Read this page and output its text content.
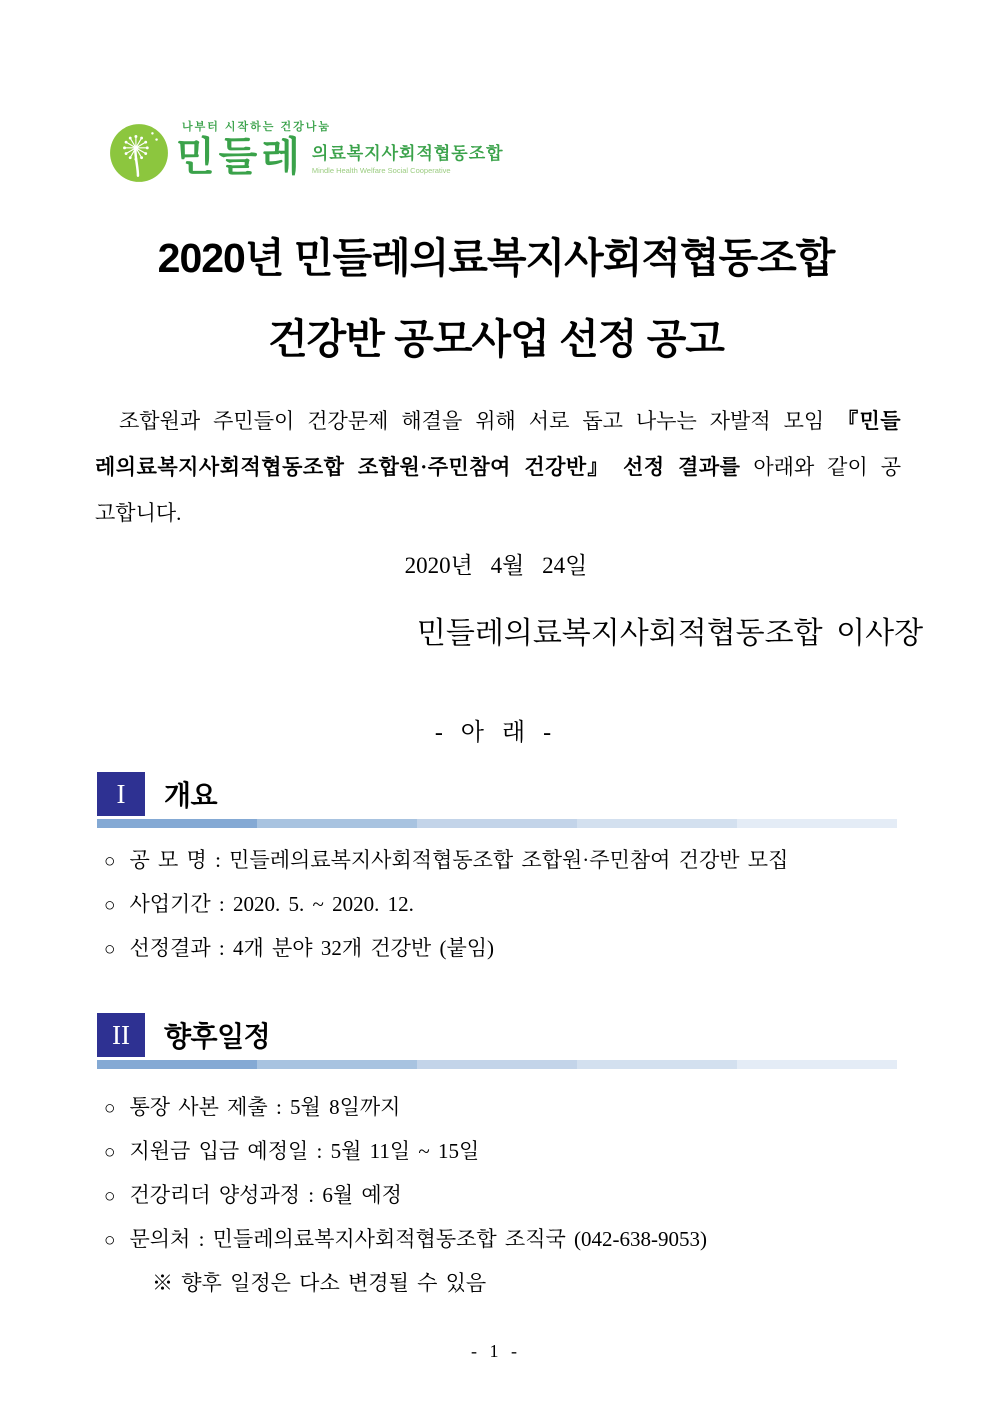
나부터 시작하는 건강나눔
민들레 의료복지사회적협동조합
Mindle Health Welfare Social Cooperative
2020년 민들레의료복지사회적협동조합
건강반 공모사업 선정 공고

조합원과 주민들이 건강문제 해결을 위해 서로 돕고 나누는 자발적 모임 『민들레의료복지사회적협동조합 조합원·주민참여 건강반』 선정 결과를 아래와 같이 공고합니다.

2020년 4월 24일
민들레의료복지사회적협동조합 이사장
- 아 래 -
I	개요
○ 공 모 명 : 민들레의료복지사회적협동조합 조합원·주민참여 건강반 모집
○ 사업기간 : 2020. 5. ~ 2020. 12.
○ 선정결과 : 4개 분야 32개 건강반 (붙임)
II	향후일정
○ 통장 사본 제출 : 5월 8일까지
○ 지원금 입금 예정일 : 5월 11일 ~ 15일
○ 건강리더 양성과정 : 6월 예정
○ 문의처 : 민들레의료복지사회적협동조합 조직국 (042-638-9053)
※ 향후 일정은 다소 변경될 수 있음
- 1 -
